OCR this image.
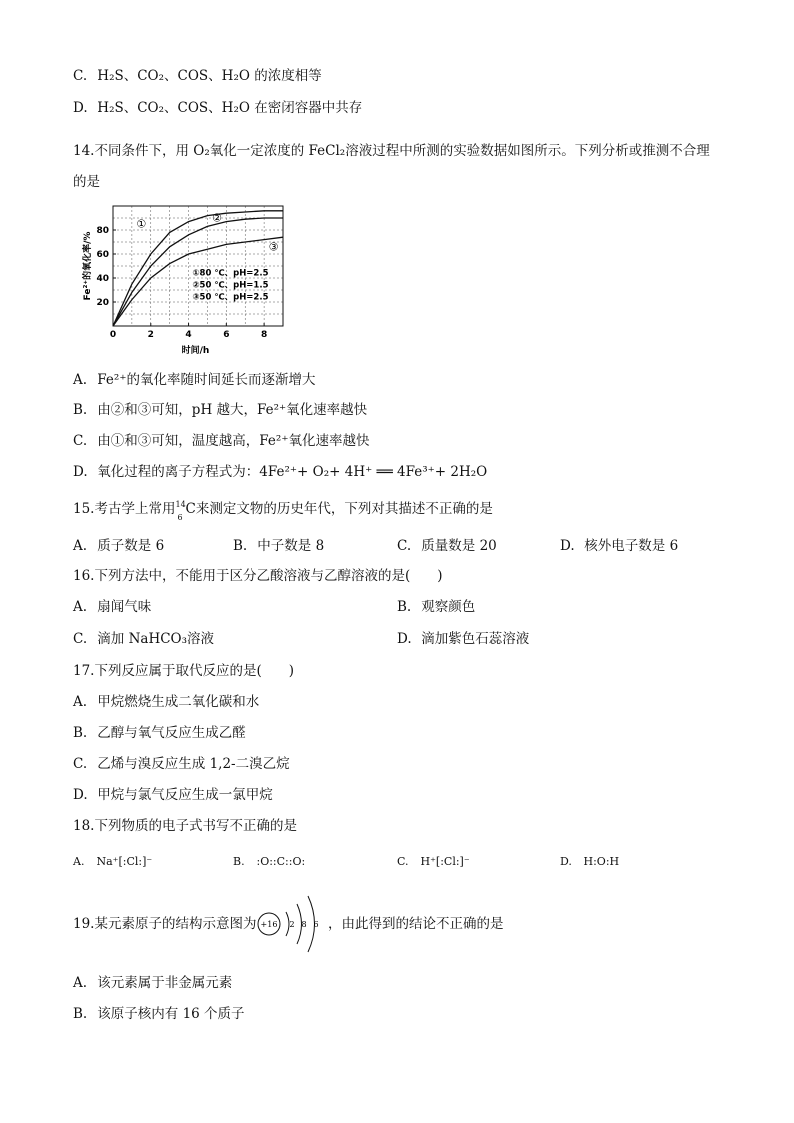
C. H₂S、CO₂、COS、H₂O 的浓度相等
D. H₂S、CO₂、COS、H₂O 在密闭容器中共存
14.不同条件下，用 O₂氧化一定浓度的 FeCl₂溶液过程中所测的实验数据如图所示。下列分析或推测不合理
的是
0	2	4	6	8
20
40
60
80
时间/h
Fe²⁺的氧化率/%
①	②
③
①80 ℃、pH=2.5
②50 ℃、pH=1.5
③50 ℃、pH=2.5
A. Fe²⁺的氧化率随时间延长而逐渐增大
B. 由②和③可知，pH 越大，Fe²⁺氧化速率越快
C. 由①和③可知，温度越高，Fe²⁺氧化速率越快
D. 氧化过程的离子方程式为：4Fe²⁺+ O₂+ 4H⁺ ══ 4Fe³⁺+ 2H₂O
15.考古学上常用 14
6
C来测定文物的历史年代，下列对其描述不正确的是
A. 质子数是 6	B. 中子数是 8	C. 质量数是 20	D. 核外电子数是 6
16.下列方法中，不能用于区分乙酸溶液与乙醇溶液的是(　　)
A. 扇闻气味	B. 观察颜色
C. 滴加 NaHCO₃溶液	D. 滴加紫色石蕊溶液
17.下列反应属于取代反应的是(　　)
A. 甲烷燃烧生成二氧化碳和水
B. 乙醇与氧气反应生成乙醛
C. 乙烯与溴反应生成 1,2-二溴乙烷
D. 甲烷与氯气反应生成一氯甲烷
18.下列物质的电子式书写不正确的是
A. Na⁺[:Cl:]⁻	B. :O::C::O:	C. H⁺[:Cl:]⁻	D. H:O:H
19.某元素原子的结构示意图为 +16 2 8 6 ，由此得到的结论不正确的是
A. 该元素属于非金属元素
B. 该原子核内有 16 个质子
